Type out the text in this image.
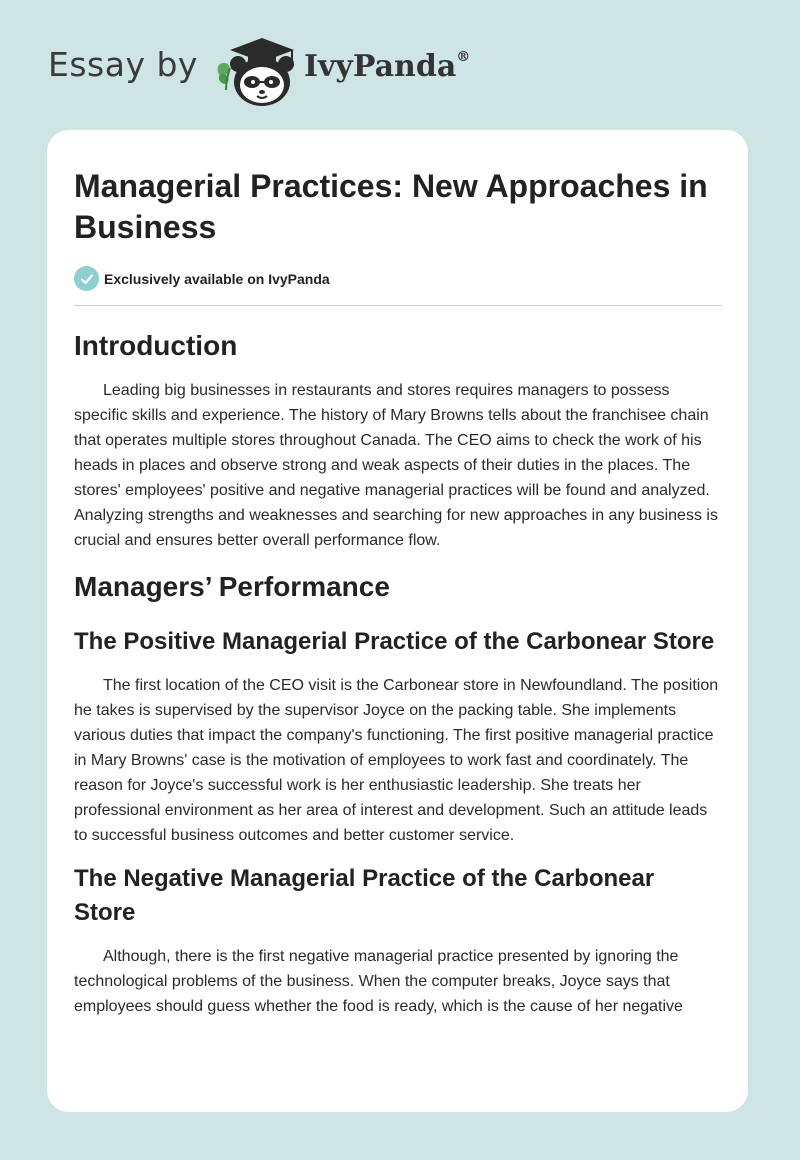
Essay by	IvyPanda®
Managerial Practices: New Approaches in Business
Exclusively available on IvyPanda
Introduction

Leading big businesses in restaurants and stores requires managers to possess specific skills and experience. The history of Mary Browns tells about the franchisee chain that operates multiple stores throughout Canada. The CEO aims to check the work of his heads in places and observe strong and weak aspects of their duties in the places. The stores' employees' positive and negative managerial practices will be found and analyzed. Analyzing strengths and weaknesses and searching for new approaches in any business is crucial and ensures better overall performance flow.

Managers’ Performance
The Positive Managerial Practice of the Carbonear Store

The first location of the CEO visit is the Carbonear store in Newfoundland. The position he takes is supervised by the supervisor Joyce on the packing table. She implements various duties that impact the company's functioning. The first positive managerial practice in Mary Browns' case is the motivation of employees to work fast and coordinately. The reason for Joyce's successful work is her enthusiastic leadership. She treats her professional environment as her area of interest and development. Such an attitude leads to successful business outcomes and better customer service.

The Negative Managerial Practice of the Carbonear Store

Although, there is the first negative managerial practice presented by ignoring the technological problems of the business. When the computer breaks, Joyce says that employees should guess whether the food is ready, which is the cause of her negative
